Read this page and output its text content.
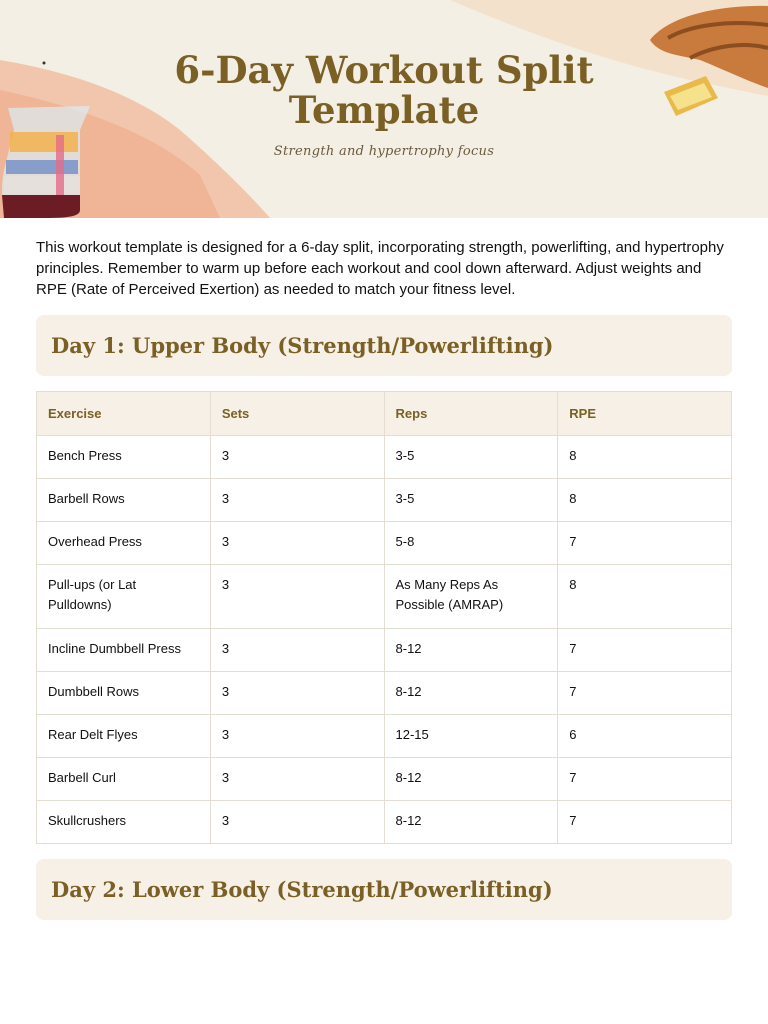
6-Day Workout Split
Template
Strength and hypertrophy focus

This workout template is designed for a 6-day split, incorporating strength, powerlifting, and hypertrophy principles. Remember to warm up before each workout and cool down afterward. Adjust weights and RPE (Rate of Perceived Exertion) as needed to match your fitness level.

Day 1: Upper Body (Strength/Powerlifting)
Exercise	Sets	Reps	RPE
Bench Press	3	3-5	8
Barbell Rows	3	3-5	8
Overhead Press	3	5-8	7
Pull-ups (or Lat Pulldowns)	3	As Many Reps As Possible (AMRAP)	8
Incline Dumbbell Press	3	8-12	7
Dumbbell Rows	3	8-12	7
Rear Delt Flyes	3	12-15	6
Barbell Curl	3	8-12	7
Skullcrushers	3	8-12	7
Day 2: Lower Body (Strength/Powerlifting)
